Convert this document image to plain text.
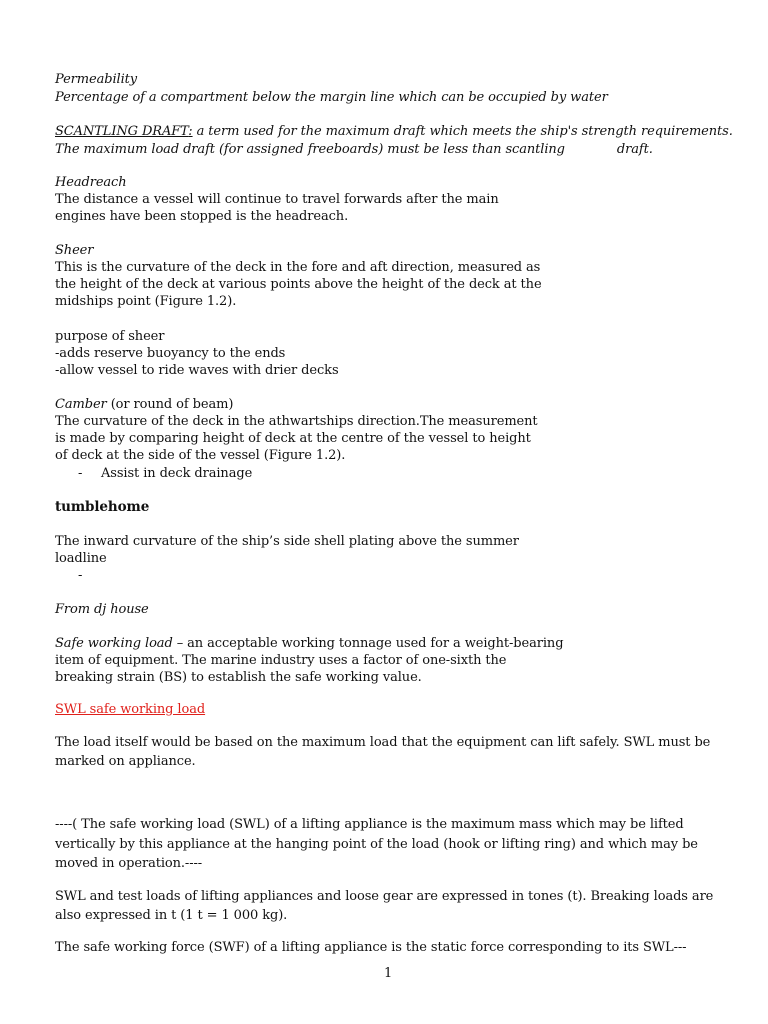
Permeability
Percentage of a compartment below the margin line which can be occupied by water
SCANTLING DRAFT: a term used for the maximum draft which meets the ship's strength requirements.
The maximum load draft (for assigned freeboards) must be less than scantling	draft.
Headreach
The distance a vessel will continue to travel forwards after the main
engines have been stopped is the headreach.
Sheer
This is the curvature of the deck in the fore and aft direction, measured as
the height of the deck at various points above the height of the deck at the
midships point (Figure 1.2).
purpose of sheer
-adds reserve buoyancy to the ends
-allow vessel to ride waves with drier decks
Camber (or round of beam)
The curvature of the deck in the athwartships direction.The measurement
is made by comparing height of deck at the centre of the vessel to height
of deck at the side of the vessel (Figure 1.2).
- Assist in deck drainage
tumblehome
The inward curvature of the ship’s side shell plating above the summer
loadline
-
From dj house
Safe working load – an acceptable working tonnage used for a weight-bearing
item of equipment. The marine industry uses a factor of one-sixth the
breaking strain (BS) to establish the safe working value.
SWL safe working load
The load itself would be based on the maximum load that the equipment can lift safely. SWL must be
marked on appliance.
----( The safe working load (SWL) of a lifting appliance is the maximum mass which may be lifted
vertically by this appliance at the hanging point of the load (hook or lifting ring) and which may be
moved in operation.----
SWL and test loads of lifting appliances and loose gear are expressed in tones (t). Breaking loads are
also expressed in t (1 t = 1 000 kg).
The safe working force (SWF) of a lifting appliance is the static force corresponding to its SWL---
1
